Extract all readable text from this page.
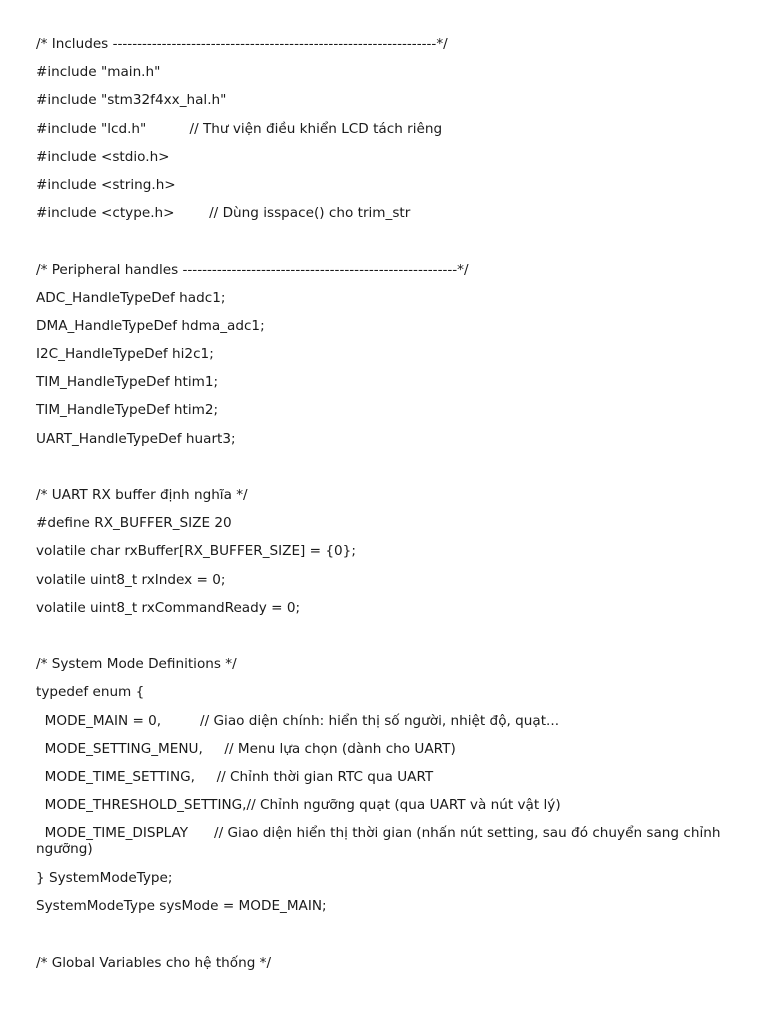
/* Includes ------------------------------------------------------------------*/
#include "main.h"
#include "stm32f4xx_hal.h"
#include "lcd.h"          // Thư viện điều khiển LCD tách riêng
#include <stdio.h>
#include <string.h>
#include <ctype.h>        // Dùng isspace() cho trim_str
/* Peripheral handles --------------------------------------------------------*/
ADC_HandleTypeDef hadc1;
DMA_HandleTypeDef hdma_adc1;
I2C_HandleTypeDef hi2c1;
TIM_HandleTypeDef htim1;
TIM_HandleTypeDef htim2;
UART_HandleTypeDef huart3;
/* UART RX buffer định nghĩa */
#define RX_BUFFER_SIZE 20
volatile char rxBuffer[RX_BUFFER_SIZE] = {0};
volatile uint8_t rxIndex = 0;
volatile uint8_t rxCommandReady = 0;
/* System Mode Definitions */
typedef enum {
MODE_MAIN = 0,         // Giao diện chính: hiển thị số người, nhiệt độ, quạt...
MODE_SETTING_MENU,     // Menu lựa chọn (dành cho UART)
MODE_TIME_SETTING,     // Chỉnh thời gian RTC qua UART
MODE_THRESHOLD_SETTING,// Chỉnh ngưỡng quạt (qua UART và nút vật lý)
MODE_TIME_DISPLAY      // Giao diện hiển thị thời gian (nhấn nút setting, sau đó chuyển sang chỉnh ngưỡng)
} SystemModeType;
SystemModeType sysMode = MODE_MAIN;
/* Global Variables cho hệ thống */
